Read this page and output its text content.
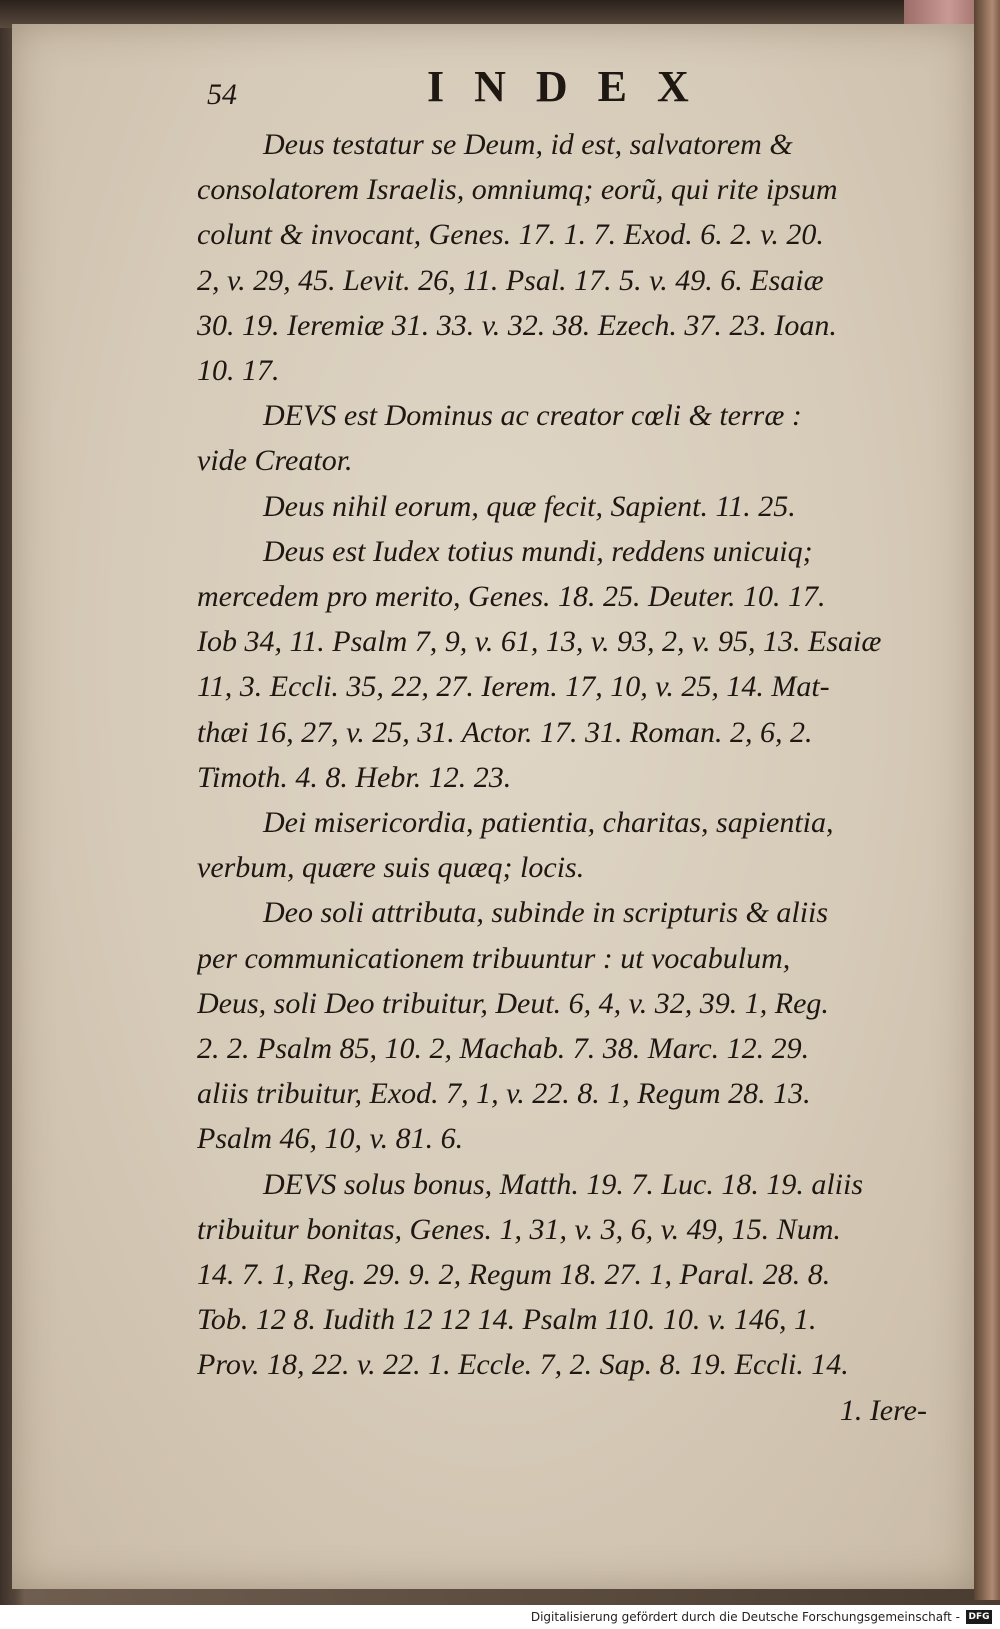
54	INDEX
Deus testatur se Deum, id est, salvatorem &
consolatorem Israelis, omniumq; eorũ, qui rite ipsum
colunt & invocant, Genes. 17. 1. 7. Exod. 6. 2. v. 20.
2, v. 29, 45. Levit. 26, 11. Psal. 17. 5. v. 49. 6. Esaiæ
30. 19. Ieremiæ 31. 33. v. 32. 38. Ezech. 37. 23. Ioan.
10. 17.
DEVS est Dominus ac creator cœli & terræ :
vide Creator.
Deus nihil eorum, quæ fecit, Sapient. 11. 25.
Deus est Iudex totius mundi, reddens unicuiq;
mercedem pro merito, Genes. 18. 25. Deuter. 10. 17.
Iob 34, 11. Psalm 7, 9, v. 61, 13, v. 93, 2, v. 95, 13. Esaiæ
11, 3. Eccli. 35, 22, 27. Ierem. 17, 10, v. 25, 14. Mat-
thæi 16, 27, v. 25, 31. Actor. 17. 31. Roman. 2, 6, 2.
Timoth. 4. 8. Hebr. 12. 23.
Dei misericordia, patientia, charitas, sapientia,
verbum, quære suis quæq; locis.
Deo soli attributa, subinde in scripturis & aliis
per communicationem tribuuntur : ut vocabulum,
Deus, soli Deo tribuitur, Deut. 6, 4, v. 32, 39. 1, Reg.
2. 2. Psalm 85, 10. 2, Machab. 7. 38. Marc. 12. 29.
aliis tribuitur, Exod. 7, 1, v. 22. 8. 1, Regum 28. 13.
Psalm 46, 10, v. 81. 6.
DEVS solus bonus, Matth. 19. 7. Luc. 18. 19. aliis
tribuitur bonitas, Genes. 1, 31, v. 3, 6, v. 49, 15. Num.
14. 7. 1, Reg. 29. 9. 2, Regum 18. 27. 1, Paral. 28. 8.
Tob. 12 8. Iudith 12 12 14. Psalm 110. 10. v. 146, 1.
Prov. 18, 22. v. 22. 1. Eccle. 7, 2. Sap. 8. 19. Eccli. 14.
1. Iere-
Digitalisierung gefördert durch die Deutsche Forschungsgemeinschaft - DFG
